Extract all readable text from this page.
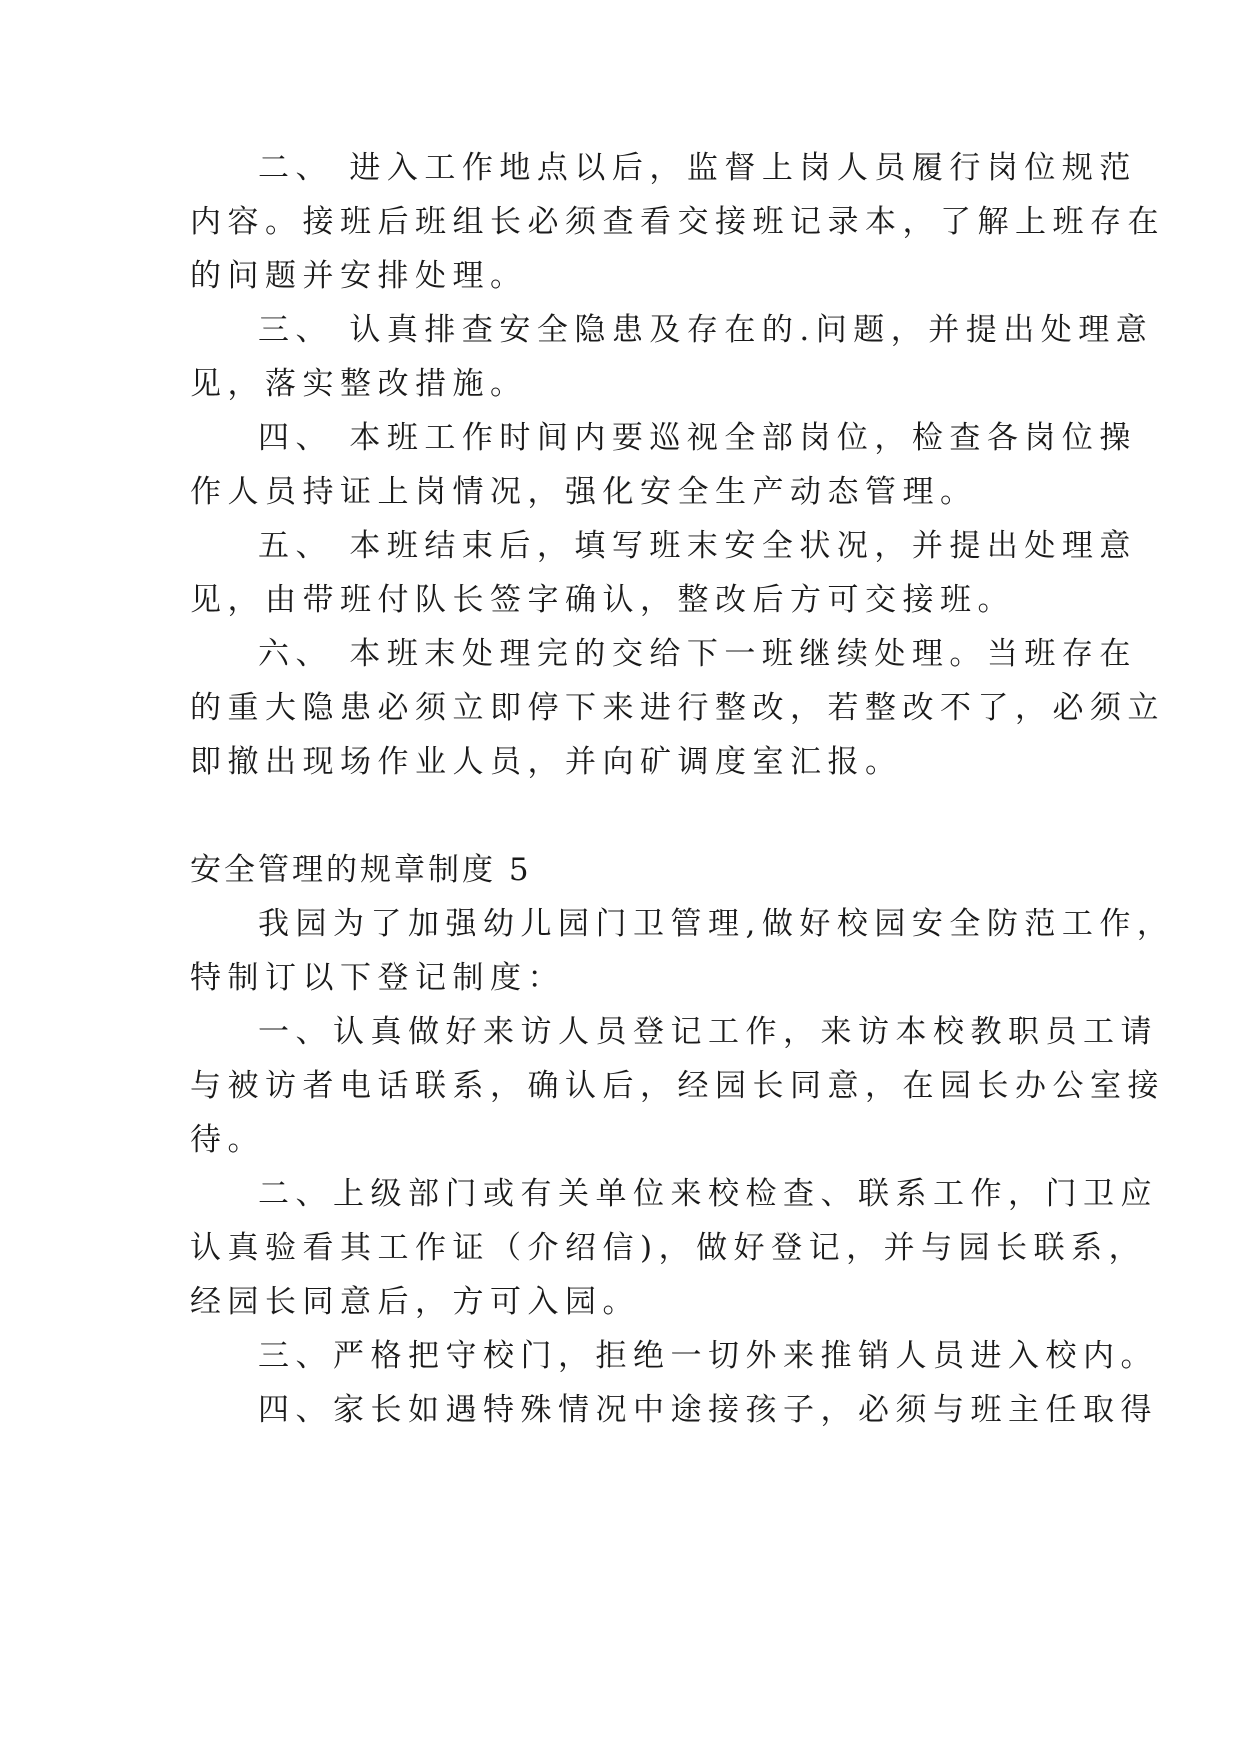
二、 进入工作地点以后，监督上岗人员履行岗位规范
内容。接班后班组长必须查看交接班记录本，了解上班存在
的问题并安排处理。
三、 认真排查安全隐患及存在的.问题，并提出处理意
见，落实整改措施。
四、 本班工作时间内要巡视全部岗位，检查各岗位操
作人员持证上岗情况，强化安全生产动态管理。
五、 本班结束后，填写班末安全状况，并提出处理意
见，由带班付队长签字确认，整改后方可交接班。
六、 本班末处理完的交给下一班继续处理。当班存在
的重大隐患必须立即停下来进行整改，若整改不了，必须立
即撤出现场作业人员，并向矿调度室汇报。
安全管理的规章制度 5
我园为了加强幼儿园门卫管理,做好校园安全防范工作，
特制订以下登记制度：
一、认真做好来访人员登记工作，来访本校教职员工请
与被访者电话联系，确认后，经园长同意，在园长办公室接
待。
二、上级部门或有关单位来校检查、联系工作，门卫应
认真验看其工作证（介绍信)，做好登记，并与园长联系，
经园长同意后，方可入园。
三、严格把守校门，拒绝一切外来推销人员进入校内。
四、家长如遇特殊情况中途接孩子，必须与班主任取得
